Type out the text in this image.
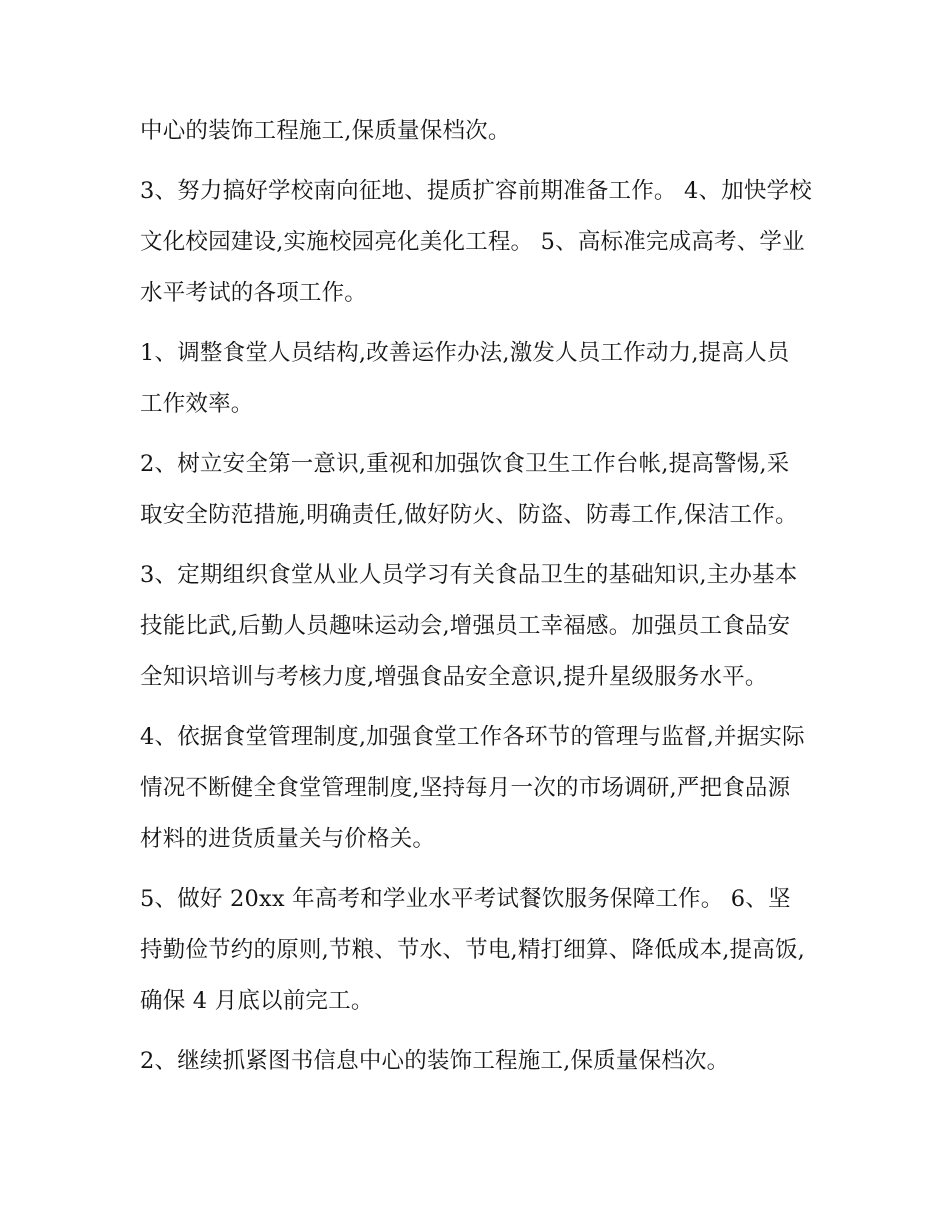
中心的装饰工程施工,保质量保档次。

3、努力搞好学校南向征地、提质扩容前期准备工作。 4、加快学校文化校园建设,实施校园亮化美化工程。 5、高标准完成高考、学业水平考试的各项工作。

1、调整食堂人员结构,改善运作办法,激发人员工作动力,提高人员工作效率。

2、树立安全第一意识,重视和加强饮食卫生工作台帐,提高警惕,采取安全防范措施,明确责任,做好防火、防盗、防毒工作,保洁工作。

3、定期组织食堂从业人员学习有关食品卫生的基础知识,主办基本技能比武,后勤人员趣味运动会,增强员工幸福感。加强员工食品安全知识培训与考核力度,增强食品安全意识,提升星级服务水平。

4、依据食堂管理制度,加强食堂工作各环节的管理与监督,并据实际情况不断健全食堂管理制度,坚持每月一次的市场调研,严把食品源材料的进货质量关与价格关。

5、做好 20xx 年高考和学业水平考试餐饮服务保障工作。 6、坚持勤俭节约的原则,节粮、节水、节电,精打细算、降低成本,提高饭,确保 4 月底以前完工。

2、继续抓紧图书信息中心的装饰工程施工,保质量保档次。
